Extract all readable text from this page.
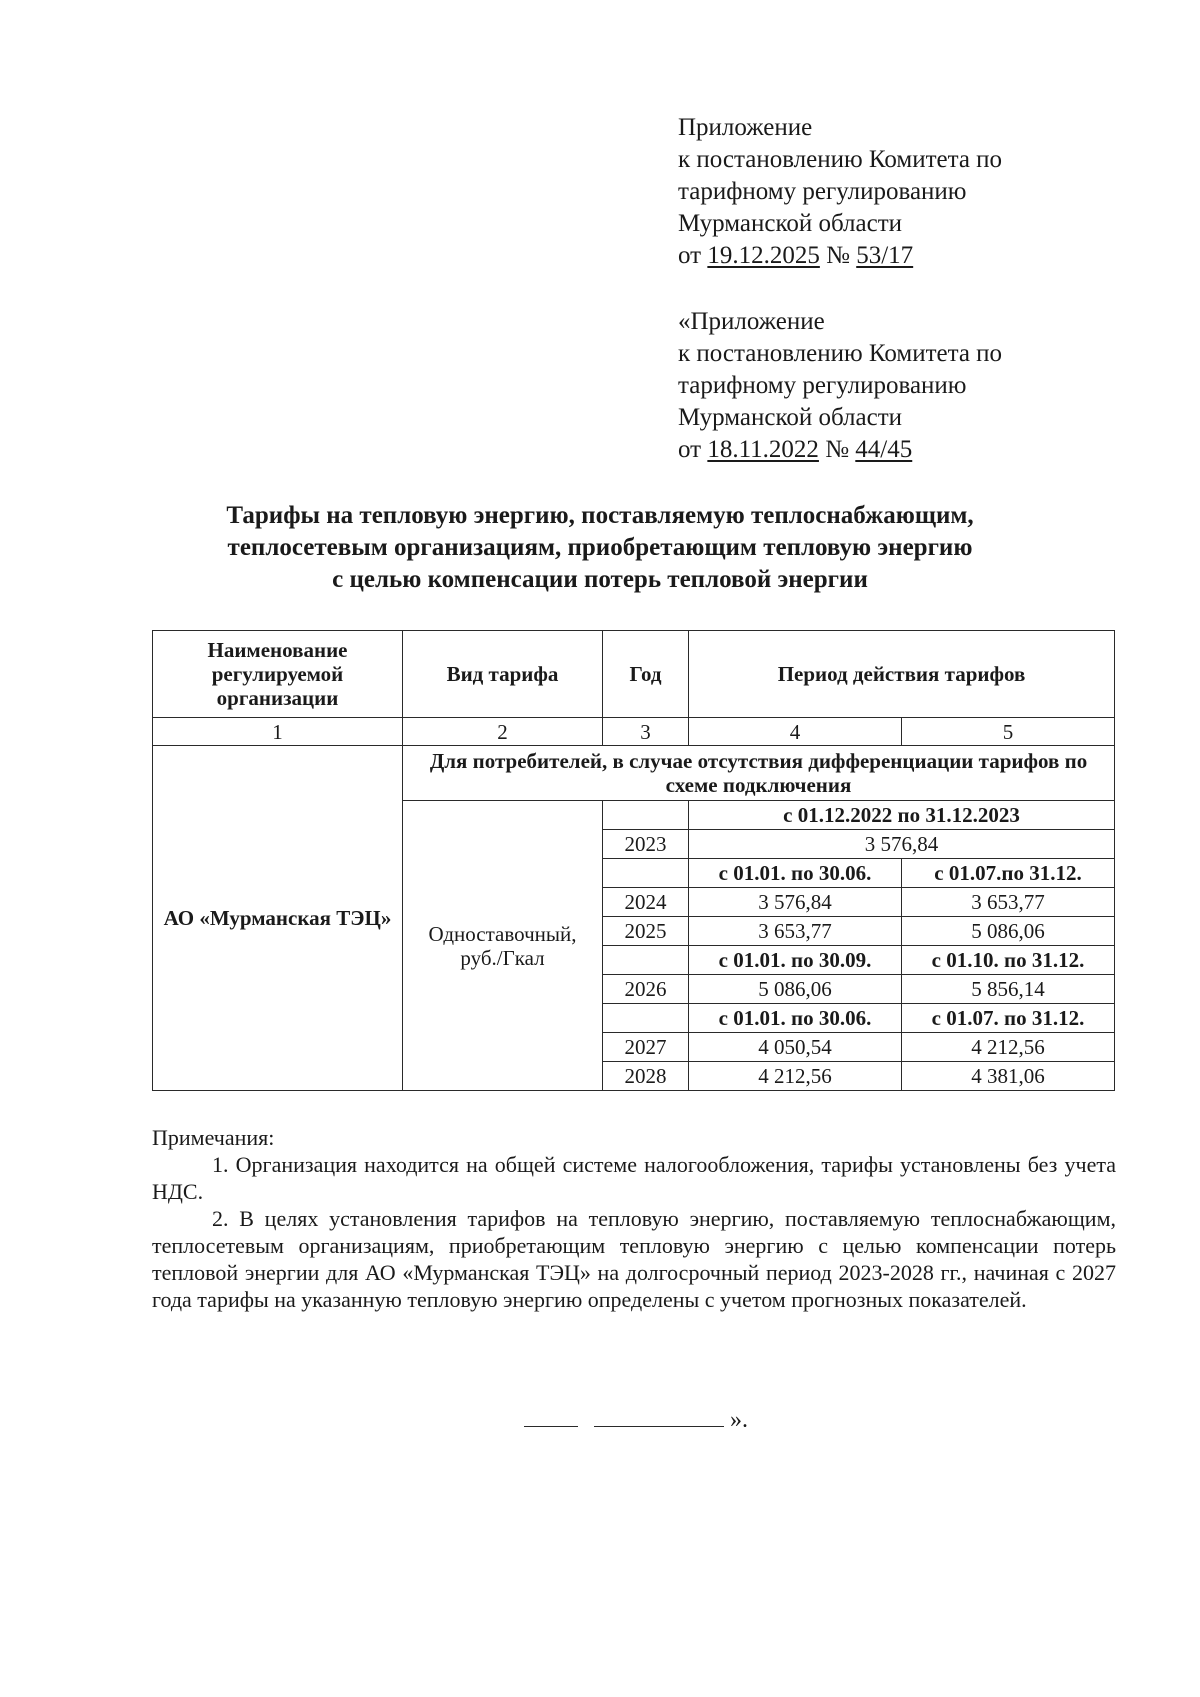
Приложение
к постановлению Комитета по
тарифному регулированию
Мурманской области
от 19.12.2025 № 53/17
«Приложение
к постановлению Комитета по
тарифному регулированию
Мурманской области
от 18.11.2022 № 44/45
Тарифы на тепловую энергию, поставляемую теплоснабжающим,
теплосетевым организациям, приобретающим тепловую энергию
с целью компенсации потерь тепловой энергии
Наименование регулируемой организации	Вид тарифа	Год	Период действия тарифов	
1	2	3	4	5
АО «Мурманская ТЭЦ»	Для потребителей, в случае отсутствия дифференциации тарифов по схеме подключения			
	Одноставочный, руб./Гкал		с 01.12.2022 по 31.12.2023	
		2023	3 576,84	
			с 01.01. по 30.06.	с 01.07.по 31.12.
		2024	3 576,84	3 653,77
		2025	3 653,77	5 086,06
			с 01.01. по 30.09.	с 01.10. по 31.12.
		2026	5 086,06	5 856,14
			с 01.01. по 30.06.	с 01.07. по 31.12.
		2027	4 050,54	4 212,56
		2028	4 212,56	4 381,06

Примечания:

1. Организация находится на общей системе налогообложения, тарифы установлены без учета НДС.

2. В целях установления тарифов на тепловую энергию, поставляемую теплоснабжающим, теплосетевым организациям, приобретающим тепловую энергию с целью компенсации потерь тепловой энергии для АО «Мурманская ТЭЦ» на долгосрочный период 2023-2028 гг., начиная с 2027 года тарифы на указанную тепловую энергию определены с учетом прогнозных показателей.

».
